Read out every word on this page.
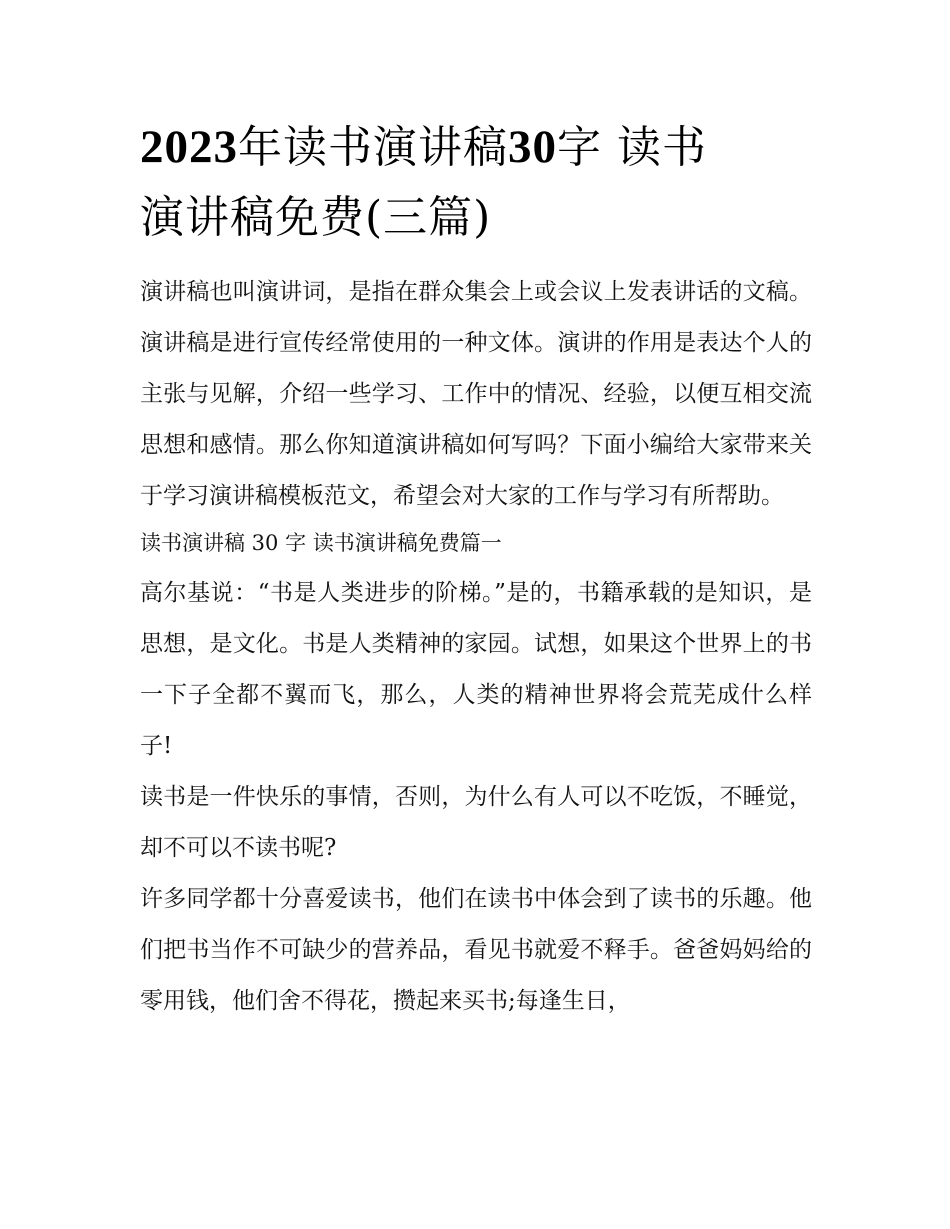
2023年读书演讲稿30字 读书
演讲稿免费(三篇)

演讲稿也叫演讲词，是指在群众集会上或会议上发表讲话的文稿。演讲稿是进行宣传经常使用的一种文体。演讲的作用是表达个人的主张与见解，介绍一些学习、工作中的情况、经验，以便互相交流思想和感情。那么你知道演讲稿如何写吗？下面小编给大家带来关于学习演讲稿模板范文，希望会对大家的工作与学习有所帮助。

读书演讲稿 30 字 读书演讲稿免费篇一

高尔基说：“书是人类进步的阶梯。”是的，书籍承载的是知识，是思想，是文化。书是人类精神的家园。试想，如果这个世界上的书一下子全都不翼而飞，那么，人类的精神世界将会荒芜成什么样子!

读书是一件快乐的事情，否则，为什么有人可以不吃饭，不睡觉，却不可以不读书呢?

许多同学都十分喜爱读书，他们在读书中体会到了读书的乐趣。他们把书当作不可缺少的营养品，看见书就爱不释手。爸爸妈妈给的零用钱，他们舍不得花，攒起来买书;每逢生日，
